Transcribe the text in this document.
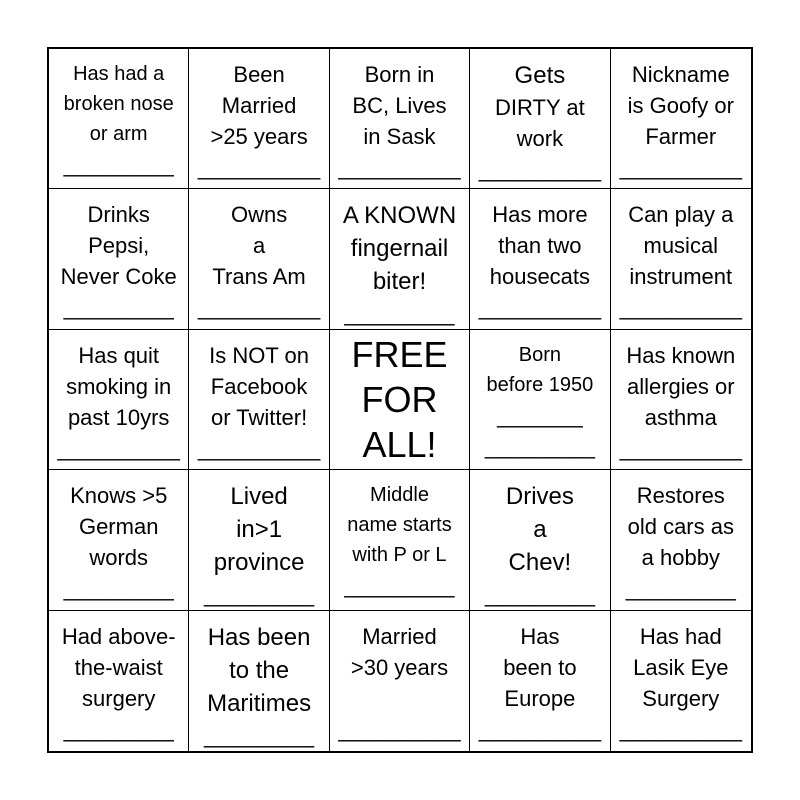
Has had a
broken nose
or arm
_________
Been
Married
>25 years
__________
Born in
BC, Lives
in Sask
__________
Gets
DIRTY at
work
__________
Nickname
is Goofy or
Farmer
__________
Drinks
Pepsi,
Never Coke
_________
Owns
a
Trans Am
__________
A KNOWN
fingernail
biter!
_________
Has more
than two
housecats
__________
Can play a
musical
instrument
__________
Has quit
smoking in
past 10yrs
__________
Is NOT on
Facebook
or Twitter!
__________
FREE
FOR
ALL!
Born
before 1950
_______
_________
Has known
allergies or
asthma
__________
Knows >5
German
words
_________
Lived
in>1
province
_________
Middle
name starts
with P or L
_________
Drives
a
Chev!
_________
Restores
old cars as
a hobby
_________
Had above-
the-waist
surgery
_________
Has been
to the
Maritimes
_________
Married
>30 years

__________
Has
been to
Europe
__________
Has had
Lasik Eye
Surgery
__________
